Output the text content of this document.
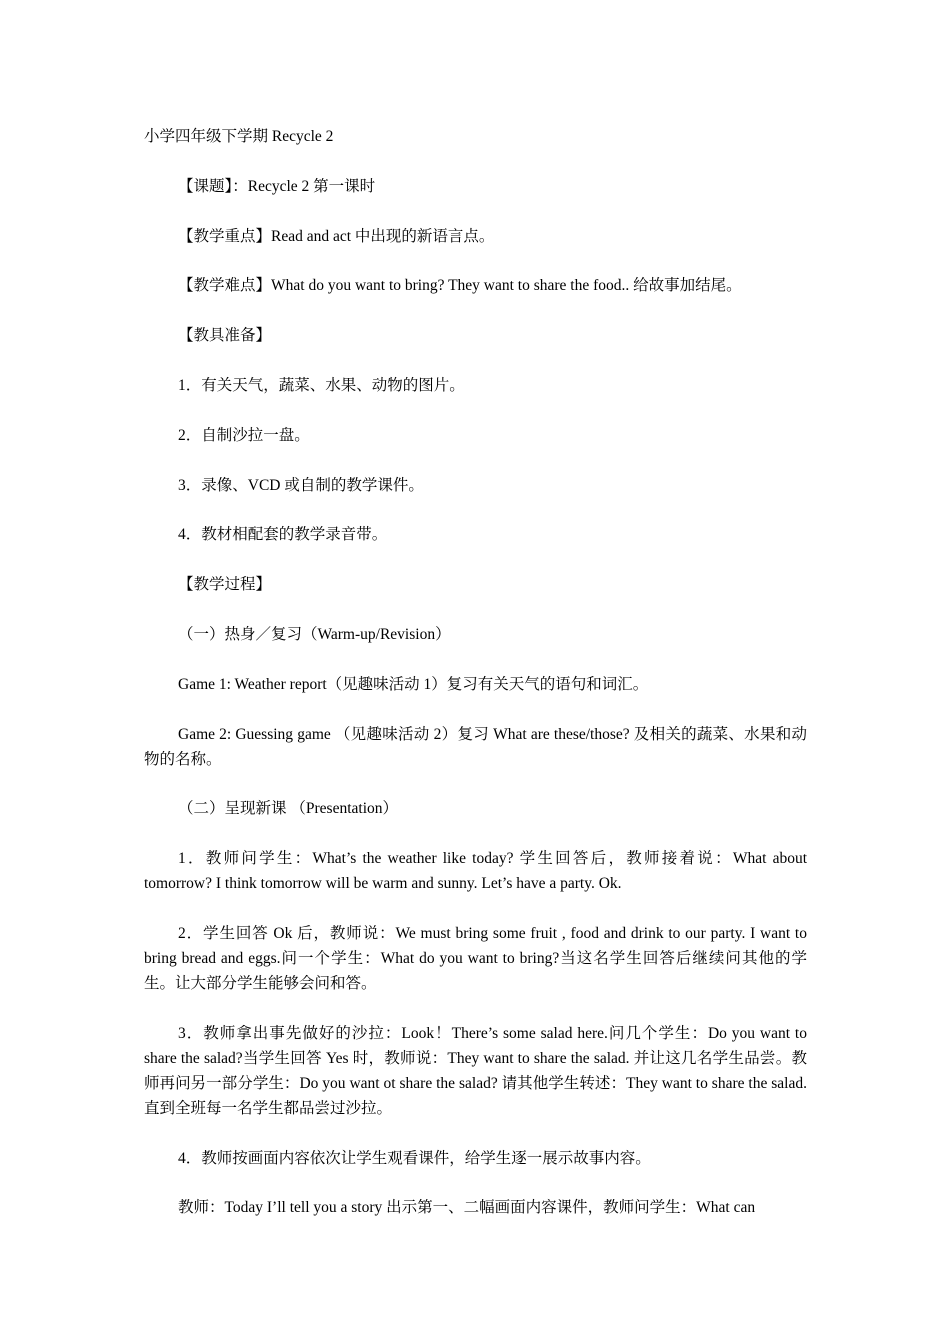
小学四年级下学期 Recycle 2

【课题】：Recycle 2 第一课时

【教学重点】Read and act 中出现的新语言点。

【教学难点】What do you want to bring? They want to share the food.. 给故事加结尾。

【教具准备】

1．有关天气，蔬菜、水果、动物的图片。

2．自制沙拉一盘。

3．录像、VCD 或自制的教学课件。

4．教材相配套的教学录音带。

【教学过程】

（一）热身／复习（Warm-up/Revision）

Game 1: Weather report（见趣味活动 1）复习有关天气的语句和词汇。

Game 2: Guessing game （见趣味活动 2）复习 What are these/those? 及相关的蔬菜、水果和动物的名称。

（二）呈现新课 （Presentation）

1．教师问学生：What’s the weather like today? 学生回答后，教师接着说：What about tomorrow? I think tomorrow will be warm and sunny. Let’s have a party. Ok.

2．学生回答 Ok 后，教师说：We must bring some fruit , food and drink to our party. I want to bring bread and eggs.问一个学生：What do you want to bring?当这名学生回答后继续问其他的学生。让大部分学生能够会问和答。

3．教师拿出事先做好的沙拉：Look！There’s some salad here.问几个学生：Do you want to share the salad?当学生回答 Yes 时，教师说：They want to share the salad. 并让这几名学生品尝。教师再问另一部分学生：Do you want ot share the salad? 请其他学生转述：They want to share the salad.直到全班每一名学生都品尝过沙拉。

4．教师按画面内容依次让学生观看课件，给学生逐一展示故事内容。

教师：Today I’ll tell you a story 出示第一、二幅画面内容课件，教师问学生：What can
